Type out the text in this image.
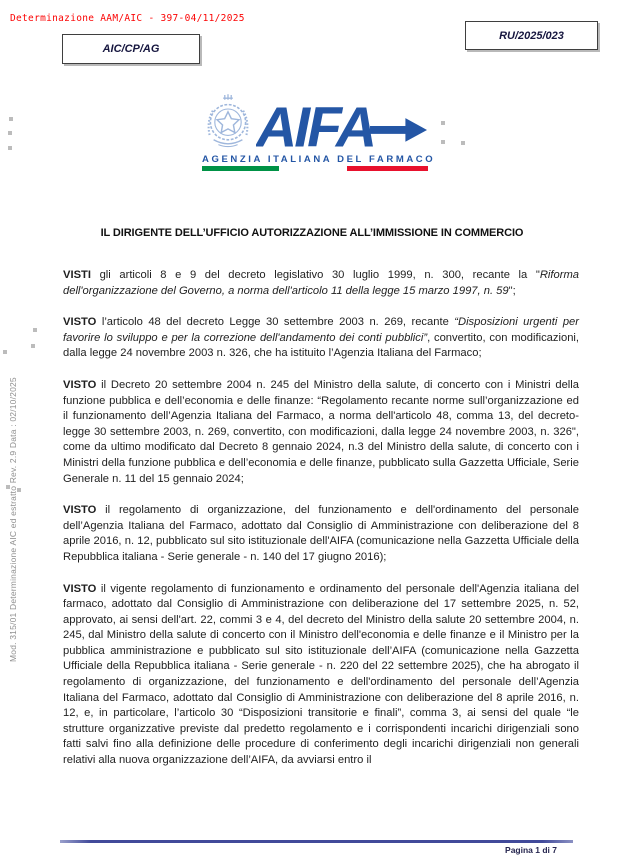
Determinazione AAM/AIC - 397-04/11/2025
AIC/CP/AG
RU/2025/023
AIFA
AGENZIA ITALIANA DEL FARMACO
IL DIRIGENTE DELL’UFFICIO AUTORIZZAZIONE ALL’IMMISSIONE IN COMMERCIO

VISTI gli articoli 8 e 9 del decreto legislativo 30 luglio 1999, n. 300, recante la "Riforma dell'organizzazione del Governo, a norma dell'articolo 11 della legge 15 marzo 1997, n. 59";

VISTO l’articolo 48 del decreto Legge 30 settembre 2003 n. 269, recante “Disposizioni urgenti per favorire lo sviluppo e per la correzione dell'andamento dei conti pubblici”, convertito, con modificazioni, dalla legge 24 novembre 2003 n. 326, che ha istituito l’Agenzia Italiana del Farmaco;

VISTO il Decreto 20 settembre 2004 n. 245 del Ministro della salute, di concerto con i Ministri della funzione pubblica e dell’economia e delle finanze: “Regolamento recante norme sull’organizzazione ed il funzionamento dell’Agenzia Italiana del Farmaco, a norma dell'articolo 48, comma 13, del decreto-legge 30 settembre 2003, n. 269, convertito, con modificazioni, dalla legge 24 novembre 2003, n. 326", come da ultimo modificato dal Decreto 8 gennaio 2024, n.3 del Ministro della salute, di concerto con i Ministri della funzione pubblica e dell’economia e delle finanze, pubblicato sulla Gazzetta Ufficiale, Serie Generale n. 11 del 15 gennaio 2024;

VISTO il regolamento di organizzazione, del funzionamento e dell'ordinamento del personale dell’Agenzia Italiana del Farmaco, adottato dal Consiglio di Amministrazione con deliberazione del 8 aprile 2016, n. 12, pubblicato sul sito istituzionale dell'AIFA (comunicazione nella Gazzetta Ufficiale della Repubblica italiana - Serie generale - n. 140 del 17 giugno 2016);

VISTO il vigente regolamento di funzionamento e ordinamento del personale dell'Agenzia italiana del farmaco, adottato dal Consiglio di Amministrazione con deliberazione del 17 settembre 2025, n. 52, approvato, ai sensi dell'art. 22, commi 3 e 4, del decreto del Ministro della salute 20 settembre 2004, n. 245, dal Ministro della salute di concerto con il Ministro dell'economia e delle finanze e il Ministro per la pubblica amministrazione e pubblicato sul sito istituzionale dell’AIFA (comunicazione nella Gazzetta Ufficiale della Repubblica italiana - Serie generale - n. 220 del 22 settembre 2025), che ha abrogato il regolamento di organizzazione, del funzionamento e dell'ordinamento del personale dell’Agenzia Italiana del Farmaco, adottato dal Consiglio di Amministrazione con deliberazione del 8 aprile 2016, n. 12, e, in particolare, l’articolo 30 “Disposizioni transitorie e finali”, comma 3, ai sensi del quale “le strutture organizzative previste dal predetto regolamento e i corrispondenti incarichi dirigenziali sono fatti salvi fino alla definizione delle procedure di conferimento degli incarichi dirigenziali non generali relativi alla nuova organizzazione dell’AIFA, da avviarsi entro il

Mod. 315/01 Determinazione AIC ed estratto Rev. 2.9 Data : 02/10/2025
Pagina 1 di 7
